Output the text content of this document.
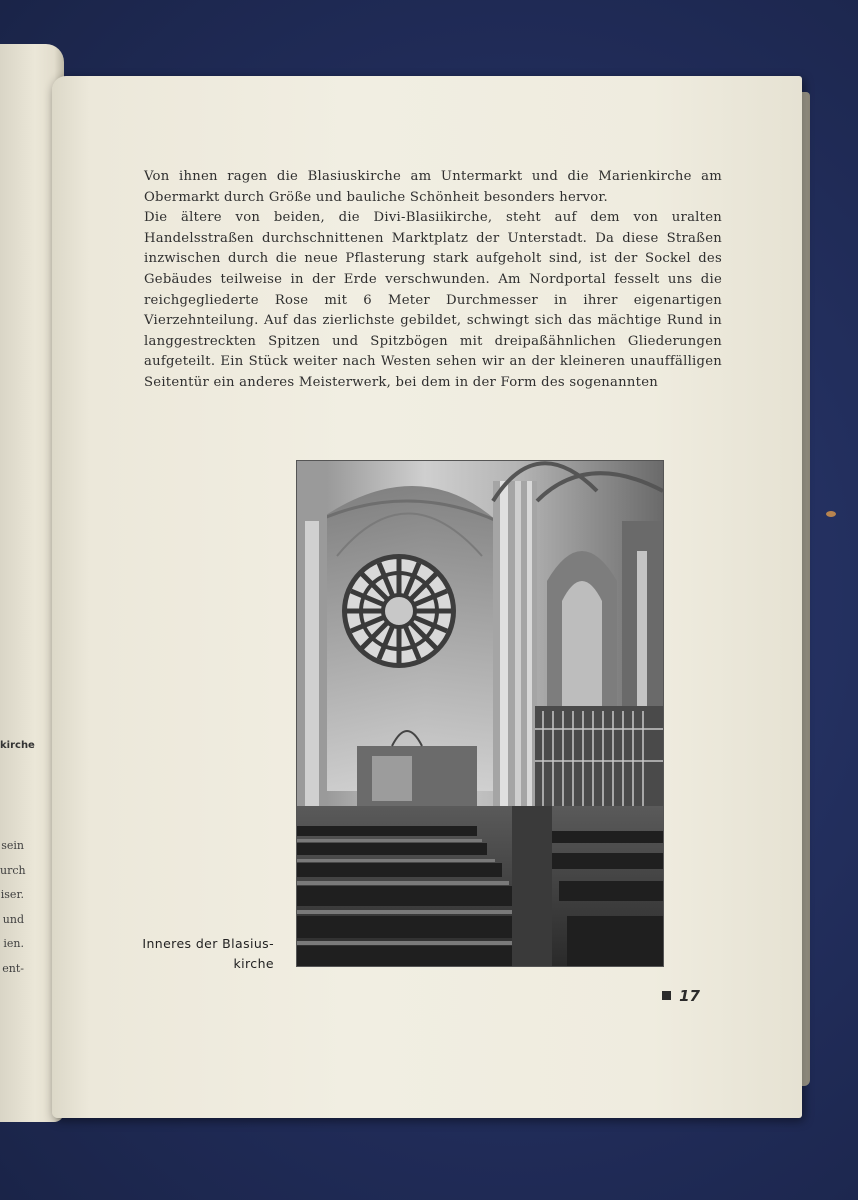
kirche
sein
urch
iser.
und
ien.
ent-

Von ihnen ragen die Blasiuskirche am Untermarkt und die Marienkirche am Obermarkt durch Größe und bauliche Schönheit besonders hervor.

Die ältere von beiden, die Divi-Blasiikirche, steht auf dem von uralten Handelsstraßen durchschnittenen Marktplatz der Unterstadt. Da diese Straßen inzwischen durch die neue Pflasterung stark aufgeholt sind, ist der Sockel des Gebäudes teilweise in der Erde verschwunden. Am Nordportal fesselt uns die reichgegliederte Rose mit 6 Meter Durchmesser in ihrer eigenartigen Vierzehnteilung. Auf das zierlichste gebildet, schwingt sich das mächtige Rund in langgestreckten Spitzen und Spitzbögen mit dreipaßähnlichen Gliederungen aufgeteilt. Ein Stück weiter nach Westen sehen wir an der kleineren unauffälligen Seitentür ein anderes Meisterwerk, bei dem in der Form des sogenannten

Inneres der Blasius-
kirche
17
